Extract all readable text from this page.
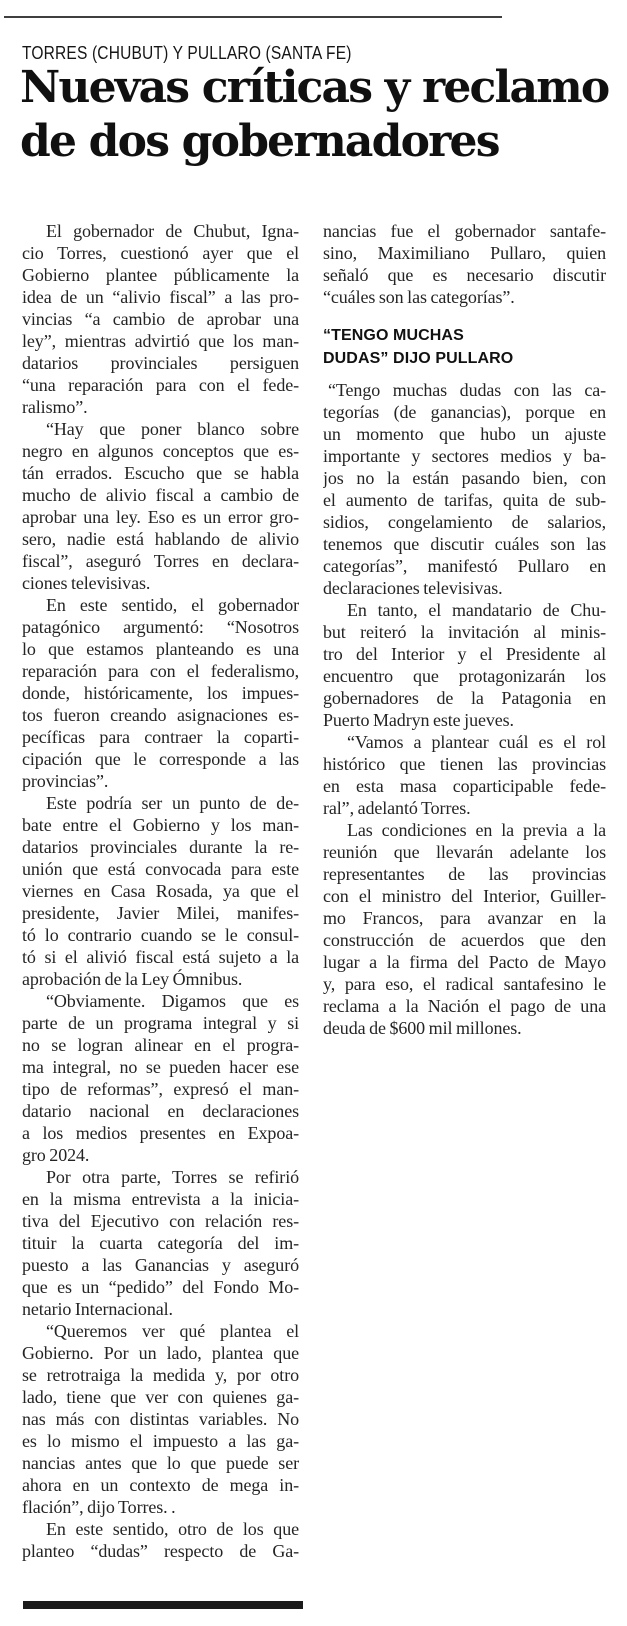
TORRES (CHUBUT) Y PULLARO (SANTA FE)
Nuevas críticas y reclamo
de dos gobernadores
El gobernador de Chubut, Igna-
cio Torres, cuestionó ayer que el
Gobierno plantee públicamente la
idea de un “alivio fiscal” a las pro-
vincias “a cambio de aprobar una
ley”, mientras advirtió que los man-
datarios provinciales persiguen
“una reparación para con el fede-
ralismo”.
“Hay que poner blanco sobre
negro en algunos conceptos que es-
tán errados. Escucho que se habla
mucho de alivio fiscal a cambio de
aprobar una ley. Eso es un error gro-
sero, nadie está hablando de alivio
fiscal”, aseguró Torres en declara-
ciones televisivas.
En este sentido, el gobernador
patagónico argumentó: “Nosotros
lo que estamos planteando es una
reparación para con el federalismo,
donde, históricamente, los impues-
tos fueron creando asignaciones es-
pecíficas para contraer la coparti-
cipación que le corresponde a las
provincias”.
Este podría ser un punto de de-
bate entre el Gobierno y los man-
datarios provinciales durante la re-
unión que está convocada para este
viernes en Casa Rosada, ya que el
presidente, Javier Milei, manifes-
tó lo contrario cuando se le consul-
tó si el alivió fiscal está sujeto a la
aprobación de la Ley Ómnibus.
“Obviamente. Digamos que es
parte de un programa integral y si
no se logran alinear en el progra-
ma integral, no se pueden hacer ese
tipo de reformas”, expresó el man-
datario nacional en declaraciones
a los medios presentes en Expoa-
gro 2024.
Por otra parte, Torres se refirió
en la misma entrevista a la inicia-
tiva del Ejecutivo con relación res-
tituir la cuarta categoría del im-
puesto a las Ganancias y aseguró
que es un “pedido” del Fondo Mo-
netario Internacional.
“Queremos ver qué plantea el
Gobierno. Por un lado, plantea que
se retrotraiga la medida y, por otro
lado, tiene que ver con quienes ga-
nas más con distintas variables. No
es lo mismo el impuesto a las ga-
nancias antes que lo que puede ser
ahora en un contexto de mega in-
flación”, dijo Torres. .
En este sentido, otro de los que
planteo “dudas” respecto de Ga-
nancias fue el gobernador santafe-
sino, Maximiliano Pullaro, quien
señaló que es necesario discutir
“cuáles son las categorías”.
“TENGO MUCHAS
DUDAS” DIJO PULLARO
“Tengo muchas dudas con las ca-
tegorías (de ganancias), porque en
un momento que hubo un ajuste
importante y sectores medios y ba-
jos no la están pasando bien, con
el aumento de tarifas, quita de sub-
sidios, congelamiento de salarios,
tenemos que discutir cuáles son las
categorías”, manifestó Pullaro en
declaraciones televisivas.
En tanto, el mandatario de Chu-
but reiteró la invitación al minis-
tro del Interior y el Presidente al
encuentro que protagonizarán los
gobernadores de la Patagonia en
Puerto Madryn este jueves.
“Vamos a plantear cuál es el rol
histórico que tienen las provincias
en esta masa coparticipable fede-
ral”, adelantó Torres.
Las condiciones en la previa a la
reunión que llevarán adelante los
representantes de las provincias
con el ministro del Interior, Guiller-
mo Francos, para avanzar en la
construcción de acuerdos que den
lugar a la firma del Pacto de Mayo
y, para eso, el radical santafesino le
reclama a la Nación el pago de una
deuda de $600 mil millones.
